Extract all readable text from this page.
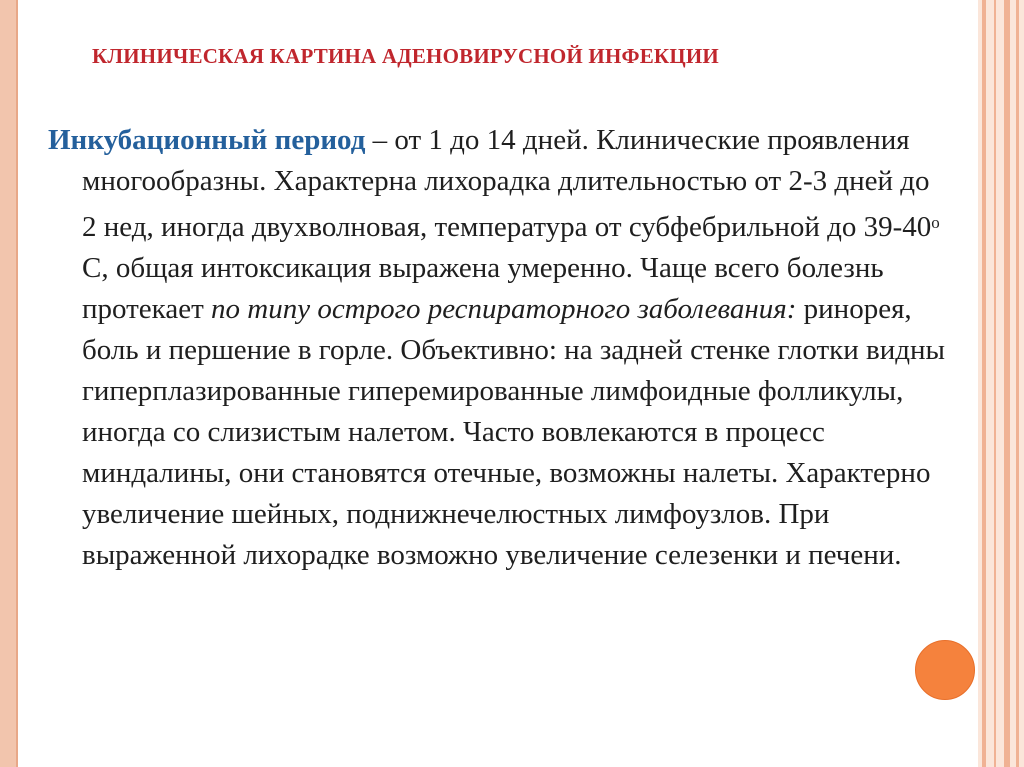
КЛИНИЧЕСКАЯ КАРТИНА АДЕНОВИРУСНОЙ ИНФЕКЦИИ

Инкубационный период – от 1 до 14 дней. Клинические проявления многообразны. Характерна лихорадка длительностью от 2-3 дней до 2 нед, иногда двухволновая, температура от субфебрильной до $39-40^о$ С, общая интоксикация выражена умеренно. Чаще всего болезнь протекает по типу острого респираторного заболевания: ринорея, боль и першение в горле. Объективно: на задней стенке глотки видны гиперплазированные гиперемированные лимфоидные фолликулы, иногда со слизистым налетом. Часто вовлекаются в процесс миндалины, они становятся отечные, возможны налеты. Характерно увеличение шейных, поднижнечелюстных лимфоузлов. При выраженной лихорадке возможно увеличение селезенки и печени.
